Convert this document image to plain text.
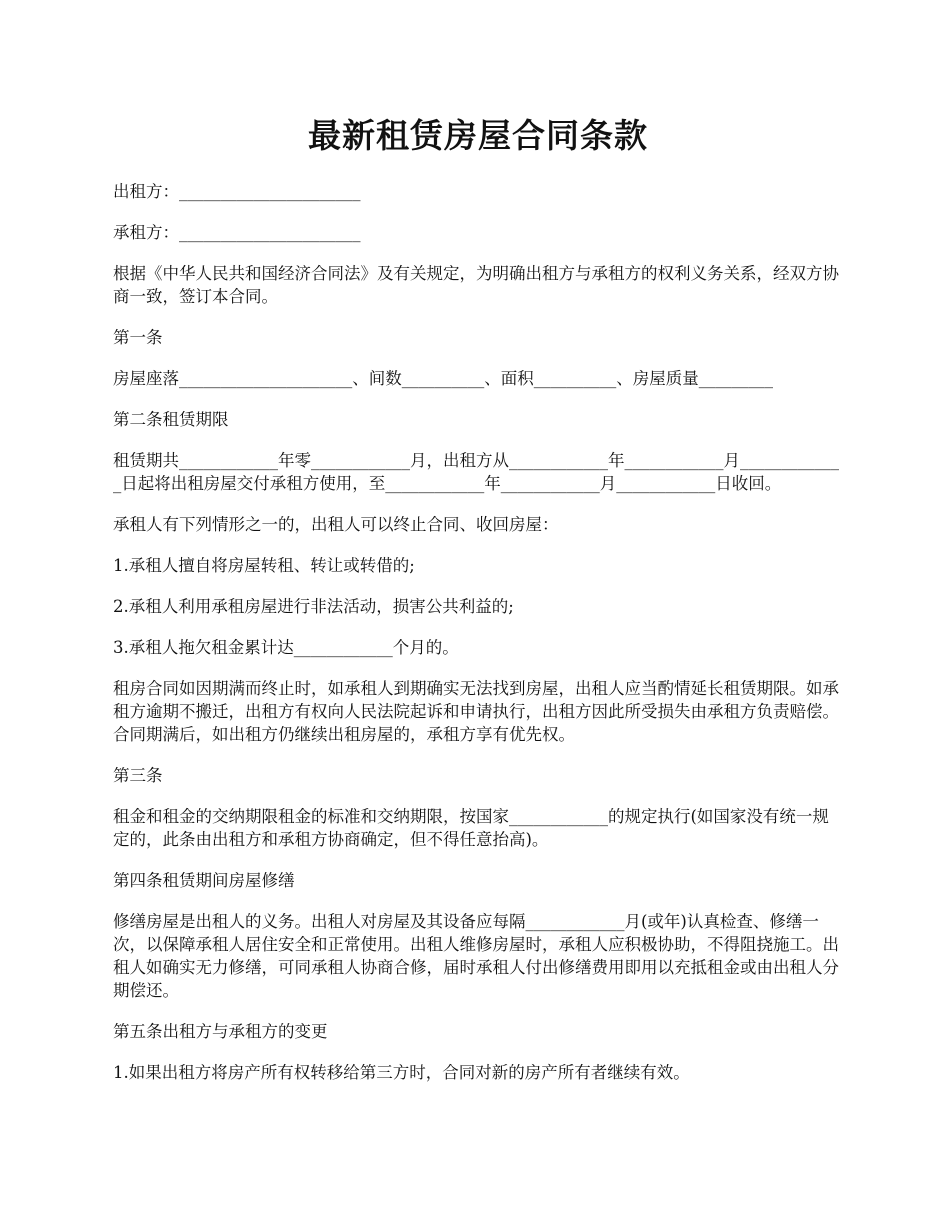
最新租赁房屋合同条款

出租方：______________________

承租方：______________________

根据《中华人民共和国经济合同法》及有关规定，为明确出租方与承租方的权利义务关系，经双方协商一致，签订本合同。

第一条

房屋座落_____________________、间数__________、面积__________、房屋质量_________

第二条租赁期限

租赁期共____________年零____________月，出租方从____________年____________月_____________日起将出租房屋交付承租方使用，至____________年____________月____________日收回。

承租人有下列情形之一的，出租人可以终止合同、收回房屋：

1.承租人擅自将房屋转租、转让或转借的;

2.承租人利用承租房屋进行非法活动，损害公共利益的;

3.承租人拖欠租金累计达____________个月的。

租房合同如因期满而终止时，如承租人到期确实无法找到房屋，出租人应当酌情延长租赁期限。如承租方逾期不搬迁，出租方有权向人民法院起诉和申请执行，出租方因此所受损失由承租方负责赔偿。合同期满后，如出租方仍继续出租房屋的，承租方享有优先权。

第三条

租金和租金的交纳期限租金的标准和交纳期限，按国家____________的规定执行(如国家没有统一规定的，此条由出租方和承租方协商确定，但不得任意抬高)。

第四条租赁期间房屋修缮

修缮房屋是出租人的义务。出租人对房屋及其设备应每隔____________月(或年)认真检查、修缮一次，以保障承租人居住安全和正常使用。出租人维修房屋时，承租人应积极协助，不得阻挠施工。出租人如确实无力修缮，可同承租人协商合修，届时承租人付出修缮费用即用以充抵租金或由出租人分期偿还。

第五条出租方与承租方的变更

1.如果出租方将房产所有权转移给第三方时，合同对新的房产所有者继续有效。
